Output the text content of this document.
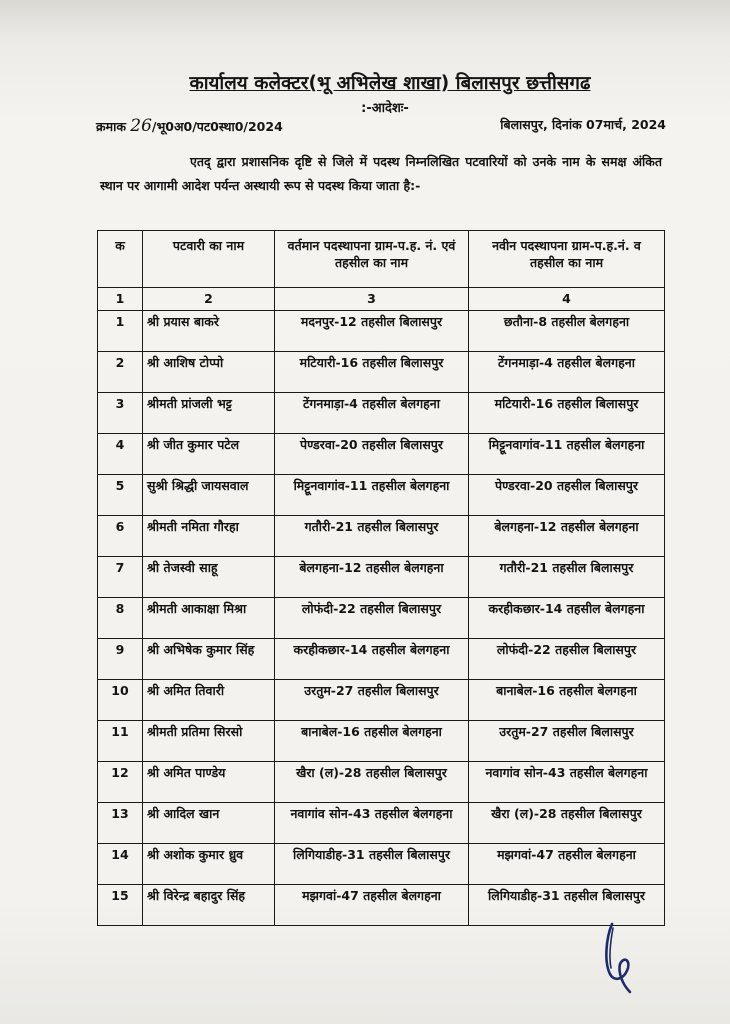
कार्यालय कलेक्टर(भू अभिलेख शाखा) बिलासपुर छत्तीसगढ
:-आदेशः-
क्रमाक 26/भू0अ0/पट0स्था0/2024	बिलासपुर, दिनांक 07मार्च, 2024
एतद् द्वारा प्रशासनिक दृष्टि से जिले में पदस्थ निम्नलिखित पटवारियों को उनके नाम के समक्ष अंकित स्थान पर आगामी आदेश पर्यन्त अस्थायी रूप से पदस्थ किया जाता है:-
क	पटवारी का नाम	वर्तमान पदस्थापना ग्राम-प.ह. नं. एवं तहसील का नाम	नवीन पदस्थापना ग्राम-प.ह.नं. व तहसील का नाम
1	2	3	4
1	श्री प्रयास बाकरे	मदनपुर-12 तहसील बिलासपुर	छतौना-8 तहसील बेलगहना
2	श्री आशिष टोप्पो	मटियारी-16 तहसील बिलासपुर	टेंगनमाड़ा-4 तहसील बेलगहना
3	श्रीमती प्रांजली भट्ट	टेंगनमाड़ा-4 तहसील बेलगहना	मटियारी-16 तहसील बिलासपुर
4	श्री जीत कुमार पटेल	पेण्डरवा-20 तहसील बिलासपुर	मिट्टूनवागांव-11 तहसील बेलगहना
5	सुश्री श्रिद्धी जायसवाल	मिट्टूनवागांव-11 तहसील बेलगहना	पेण्डरवा-20 तहसील बिलासपुर
6	श्रीमती नमिता गौरहा	गतौरी-21 तहसील बिलासपुर	बेलगहना-12 तहसील बेलगहना
7	श्री तेजस्वी साहू	बेलगहना-12 तहसील बेलगहना	गतौरी-21 तहसील बिलासपुर
8	श्रीमती आकाक्षा मिश्रा	लोफंदी-22 तहसील बिलासपुर	करहीकछार-14 तहसील बेलगहना
9	श्री अभिषेक कुमार सिंह	करहीकछार-14 तहसील बेलगहना	लोफंदी-22 तहसील बिलासपुर
10	श्री अमित तिवारी	उरतुम-27 तहसील बिलासपुर	बानाबेल-16 तहसील बेलगहना
11	श्रीमती प्रतिमा सिरसो	बानाबेल-16 तहसील बेलगहना	उरतुम-27 तहसील बिलासपुर
12	श्री अमित पाण्डेय	खैरा (ल)-28 तहसील बिलासपुर	नवागांव सोन-43 तहसील बेलगहना
13	श्री आदिल खान	नवागांव सोन-43 तहसील बेलगहना	खैरा (ल)-28 तहसील बिलासपुर
14	श्री अशोक कुमार ध्रुव	लिगियाडीह-31 तहसील बिलासपुर	मझगवां-47 तहसील बेलगहना
15	श्री विरेन्द्र बहादुर सिंह	मझगवां-47 तहसील बेलगहना	लिगियाडीह-31 तहसील बिलासपुर
